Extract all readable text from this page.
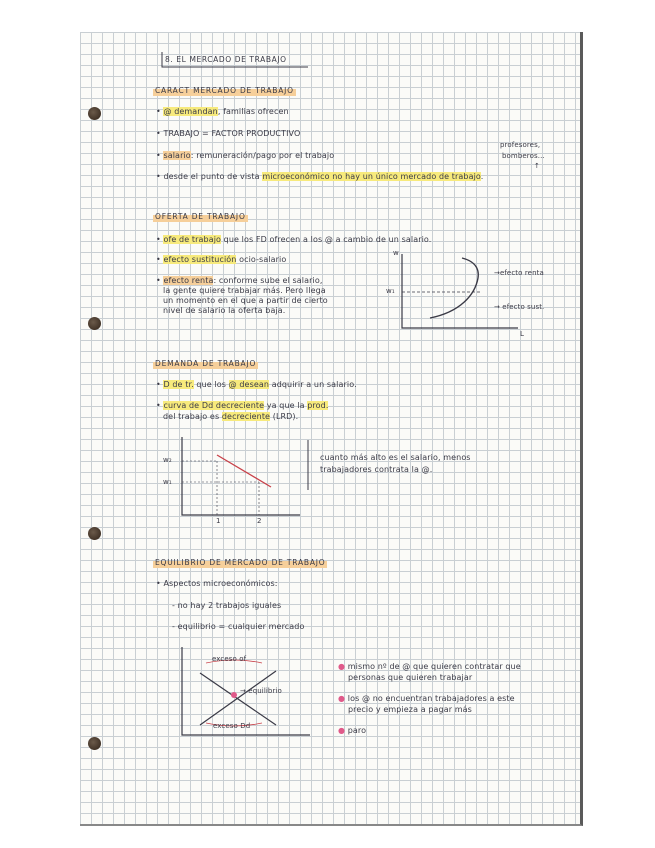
8. EL MERCADO DE TRABAJO

CARACT MERCADO DE TRABAJO

• @ demandan, familias ofrecen

• TRABAJO = FACTOR PRODUCTIVO

• salario: remuneración/pago por el trabajo

• desde el punto de vista microeconómico no hay un único mercado de trabajo.

profesores,

bomberos...

↑

OFERTA DE TRABAJO

• ofe de trabajo que los FD ofrecen a los @ a cambio de un salario.

• efecto sustitución ocio-salario

• efecto renta: conforme sube el salario,

la gente quiere trabajar más. Pero llega

un momento en el que a partir de cierto

nivel de salario la oferta baja.

w

w₁

L

→efecto renta

→ efecto sust.

DEMANDA DE TRABAJO

• D de tr. que los @ desean adquirir a un salario.

• curva de Dd decreciente ya que la prod.

del trabajo es decreciente (LRD).

w₂

w₁

1	2

cuanto más alto es el salario, menos

trabajadores contrata la @.

EQUILIBRIO DE MERCADO DE TRABAJO

• Aspectos microeconómicos:

- no hay 2 trabajos iguales

- equilibrio = cualquier mercado

exceso of

→ equilibrio

exceso Dd

● mismo nº de @ que quieren contratar que

personas que quieren trabajar

● los @ no encuentran trabajadores a este

precio y empieza a pagar más

● paro
